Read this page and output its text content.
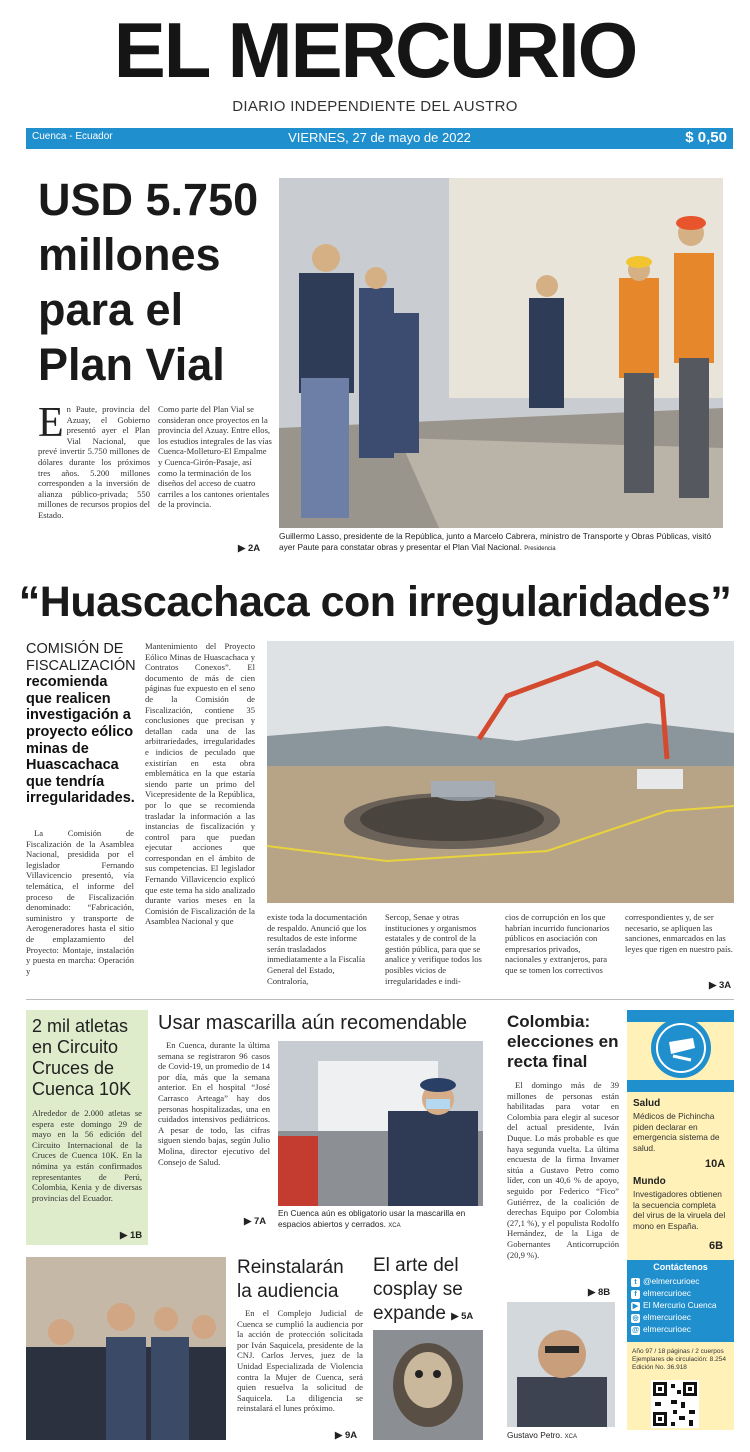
EL MERCURIO
DIARIO INDEPENDIENTE DEL AUSTRO
Cuenca - Ecuador	VIERNES, 27 de mayo de 2022	$ 0,50
USD 5.750
millones
para el
Plan Vial
En Paute, provincia del Azuay, el Gobierno presentó ayer el Plan Vial Nacional, que prevé invertir 5.750 millones de dólares durante los próximos tres años. 5.200 millones corresponden a la inversión de alianza público-privada; 550 millones de recursos propios del Estado.
Como parte del Plan Vial se consideran once proyectos en la provincia del Azuay. Entre ellos, los estudios integrales de las vías Cuenca-Molleturo-El Empalme y Cuenca-Girón-Pasaje, así como la terminación de los diseños del acceso de cuatro carriles a los cantones orientales de la provincia.
▶ 2A
Guillermo Lasso, presidente de la República, junto a Marcelo Cabrera, ministro de Transporte y Obras Públicas, visitó ayer Paute para constatar obras y presentar el Plan Vial Nacional. Presidencia
“Huascachaca con irregularidades”
COMISIÓN DE FISCALIZACIÓN
recomienda que realicen investigación a proyecto eólico minas de Huascachaca que tendría irregularidades.
La Comisión de Fiscalización de la Asamblea Nacional, presidida por el legislador Fernando Villavicencio presentó, vía telemática, el informe del proceso de Fiscalización denominado: “Fabricación, suministro y transporte de Aerogeneradores hasta el sitio de emplazamiento del Proyecto: Montaje, instalación y puesta en marcha: Operación y
Mantenimiento del Proyecto Eólico Minas de Huascachaca y Contratos Conexos”. El documento de más de cien páginas fue expuesto en el seno de la Comisión de Fiscalización, contiene 35 conclusiones que precisan y detallan cada una de las arbitrariedades, irregularidades e indicios de peculado que existirían en esta obra emblemática en la que estaría siendo parte un primo del Vicepresidente de la República, por lo que se recomienda trasladar la información a las instancias de fiscalización y control para que puedan ejecutar acciones que correspondan en el ámbito de sus competencias. El legislador Fernando Villavicencio explicó que este tema ha sido analizado durante varios meses en la Comisión de Fiscalización de la Asamblea Nacional y que	existe toda la documentación de respaldo. Anunció que los resultados de este informe serán trasladados inmediatamente a la Fiscalía General del Estado, Contraloría,
Sercop, Senae y otras instituciones y organismos estatales y de control de la gestión pública, para que se analice y verifique todos los posibles vicios de irregularidades e indi-
cios de corrupción en los que habrían incurrido funcionarios públicos en asociación con empresarios privados, nacionales y extranjeros, para que se tomen los correctivos
correspondientes y, de ser necesario, se apliquen las sanciones, enmarcados en las leyes que rigen en nuestro país.
▶ 3A
2 mil atletas en Circuito Cruces de Cuenca 10K
Alrededor de 2.000 atletas se espera este domingo 29 de mayo en la 56 edición del Circuito Internacional de la Cruces de Cuenca 10K. En la nómina ya están confirmados representantes de Perú, Colombia, Kenia y de diversas provincias del Ecuador.
▶ 1B
Usar mascarilla aún recomendable
En Cuenca, durante la última semana se registraron 96 casos de Covid-19, un promedio de 14 por día, más que la semana anterior. En el hospital “José Carrasco Arteaga” hay dos personas hospitalizadas, una en cuidados intensivos pediátricos. A pesar de todo, las cifras siguen siendo bajas, según Julio Molina, director ejecutivo del Consejo de Salud.
▶ 7A
En Cuenca aún es obligatorio usar la mascarilla en espacios abiertos y cerrados. XCA
Colombia: elecciones en recta final
El domingo más de 39 millones de personas están habilitadas para votar en Colombia para elegir al sucesor del actual presidente, Iván Duque. Lo más probable es que haya segunda vuelta. La última encuesta de la firma Invamer sitúa a Gustavo Petro como líder, con un 40,6 % de apoyo, seguido por Federico “Fico” Gutiérrez, de la coalición de derechas Equipo por Colombia (27,1 %), y el populista Rodolfo Hernández, de la Liga de Gobernantes Anticorrupción (20,9 %).
▶ 8B
Gustavo Petro. XCA
Reinstalarán la audiencia
En el Complejo Judicial de Cuenca se cumplió la audiencia por la acción de protección solicitada por Iván Saquicela, presidente de la CNJ. Carlos Jerves, juez de la Unidad Especializada de Violencia contra la Mujer de Cuenca, será quien resuelva la solicitud de Saquicela. La diligencia se reinstalará el lunes próximo.
▶ 9A
El arte del cosplay se expande ▶ 5A
Salud
Médicos de Pichincha piden declarar en emergencia sistema de salud.
10A
Mundo
Investigadores obtienen la secuencia completa del virus de la viruela del mono en España.
6B
Contáctenos
t @elmercurioec
f elmercurioec
▶ El Mercurio Cuenca
◎ elmercurioec
@ elmercurioec
Año 97 / 18 páginas / 2 cuerpos Ejemplares de circulación: 8.254 Edición No. 36.918
